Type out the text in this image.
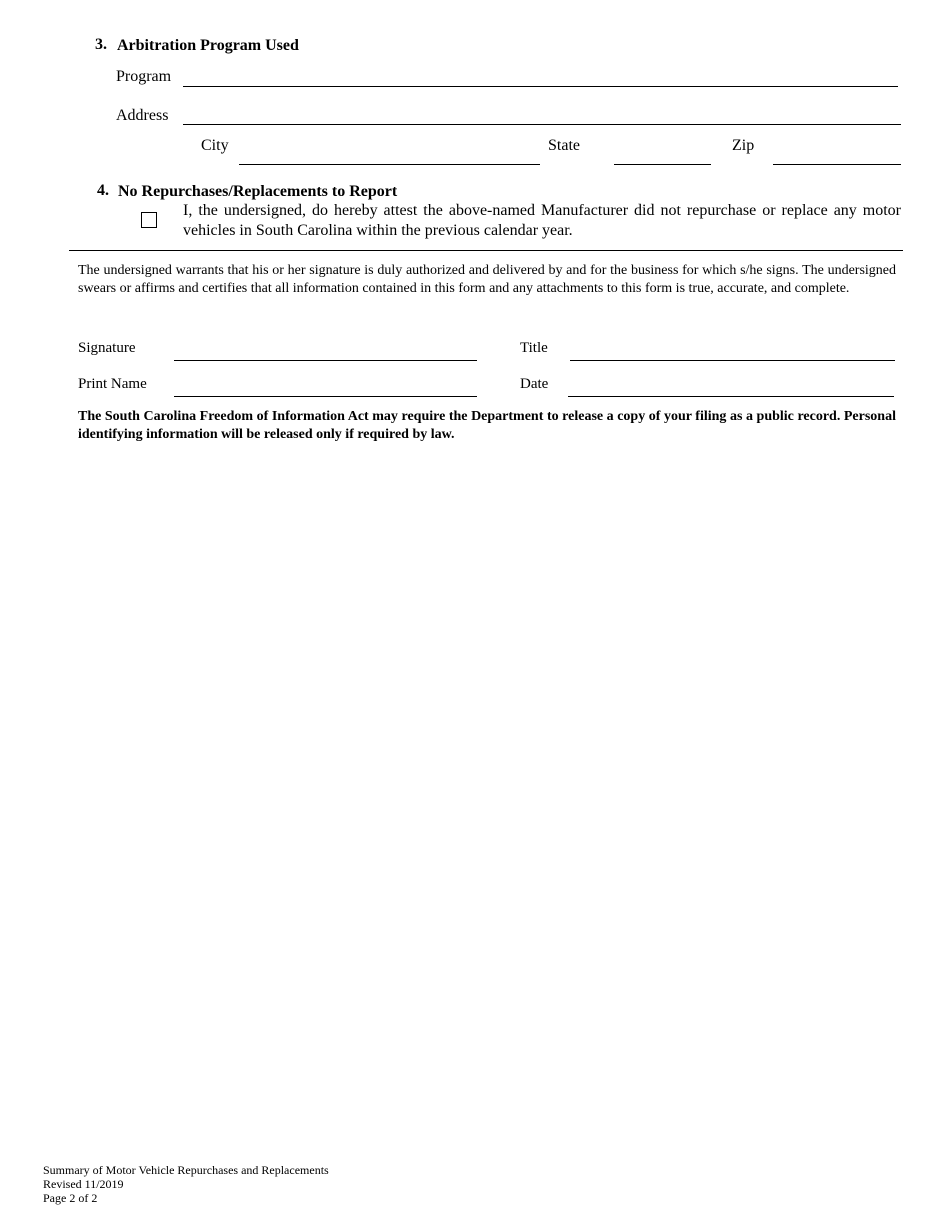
3. Arbitration Program Used
Program
Address
City	State	Zip
4. No Repurchases/Replacements to Report
I, the undersigned, do hereby attest the above-named Manufacturer did not repurchase or replace any motor vehicles in South Carolina within the previous calendar year.
The undersigned warrants that his or her signature is duly authorized and delivered by and for the business for which s/he signs. The undersigned swears or affirms and certifies that all information contained in this form and any attachments to this form is true, accurate, and complete.
Signature	Title
Print Name	Date
The South Carolina Freedom of Information Act may require the Department to release a copy of your filing as a public record. Personal identifying information will be released only if required by law.
Summary of Motor Vehicle Repurchases and Replacements
Revised 11/2019
Page 2 of 2
